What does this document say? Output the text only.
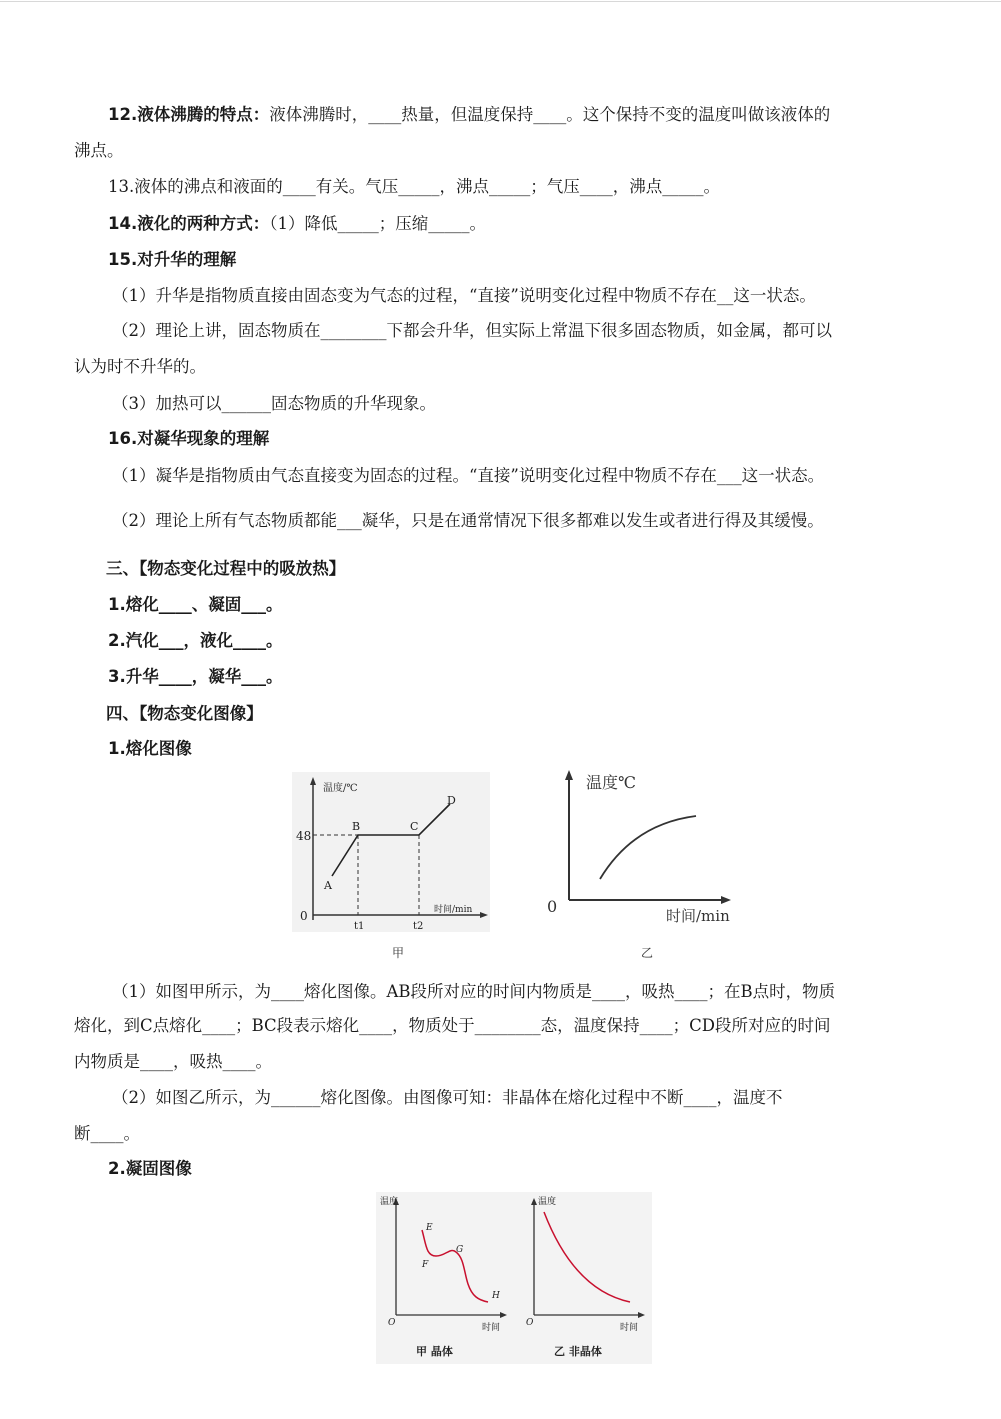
12.液体沸腾的特点：液体沸腾时，____热量，但温度保持____。这个保持不变的温度叫做该液体的
沸点。
13.液体的沸点和液面的____有关。气压_____，沸点_____；气压____，沸点_____。
14.液化的两种方式：（1）降低_____；压缩_____。
15.对升华的理解
（1）升华是指物质直接由固态变为气态的过程，“直接”说明变化过程中物质不存在__这一状态。
（2）理论上讲，固态物质在________下都会升华，但实际上常温下很多固态物质，如金属，都可以
认为时不升华的。
（3）加热可以______固态物质的升华现象。
16.对凝华现象的理解
（1）凝华是指物质由气态直接变为固态的过程。“直接”说明变化过程中物质不存在___这一状态。
（2）理论上所有气态物质都能___凝华，只是在通常情况下很多都难以发生或者进行得及其缓慢。
三、【物态变化过程中的吸放热】
1.熔化____、凝固___。
2.汽化___，液化____。
3.升华____，凝华___。
四、【物态变化图像】
1.熔化图像
温度/℃
48
0
A
B	C
D
t1	t2
时间/min
甲
温度℃
0	时间/min
乙
（1）如图甲所示，为____熔化图像。AB段所对应的时间内物质是____，吸热____；在B点时，物质
熔化，到C点熔化____；BC段表示熔化____，物质处于________态，温度保持____；CD段所对应的时间
内物质是____，吸热____。
（2）如图乙所示，为______熔化图像。由图像可知：非晶体在熔化过程中不断____，温度不
断____。
2.凝固图像
温度
O	时间
E
F
G
H
甲 晶体
温度
O	时间
乙 非晶体
